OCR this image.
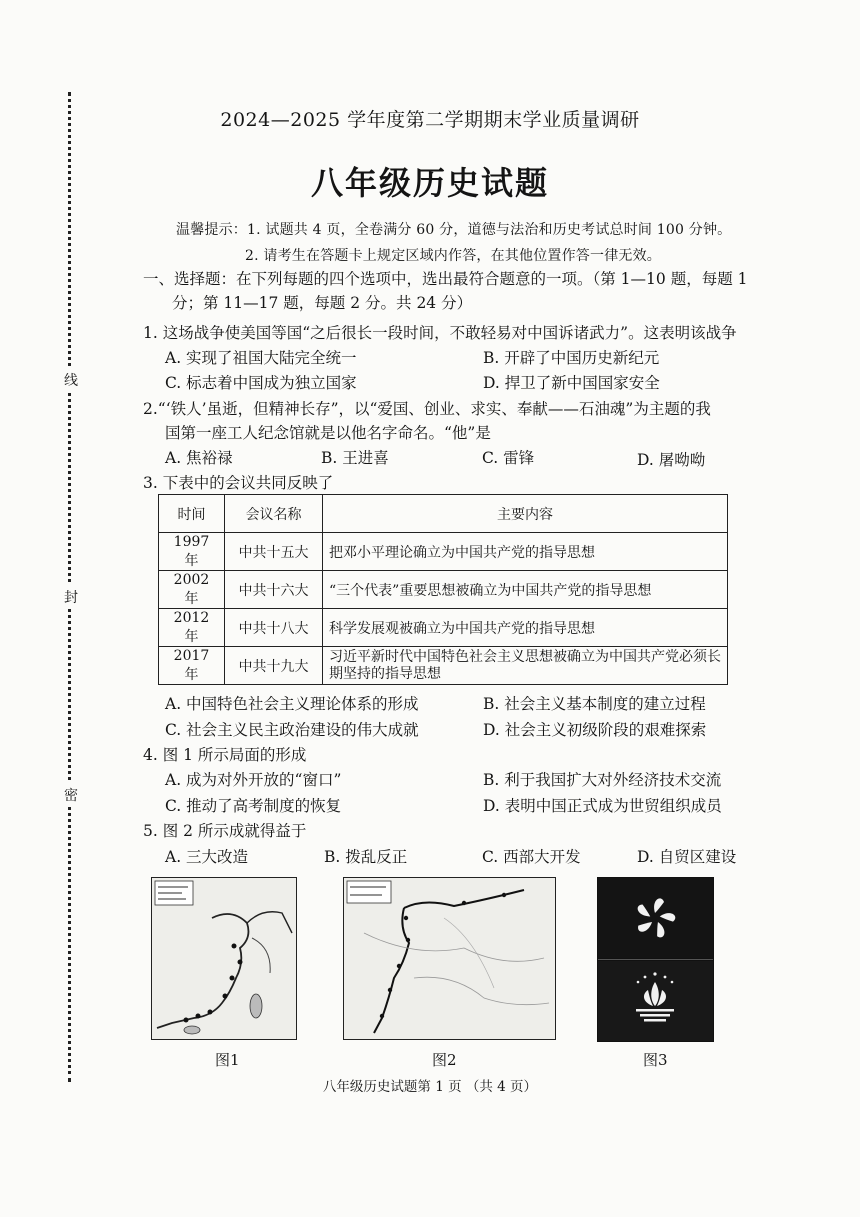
线
封
密
2024—2025 学年度第二学期期末学业质量调研
八年级历史试题
温馨提示：1. 试题共 4 页，全卷满分 60 分，道德与法治和历史考试总时间 100 分钟。
2. 请考生在答题卡上规定区域内作答，在其他位置作答一律无效。
一、选择题：在下列每题的四个选项中，选出最符合题意的一项。（第 1—10 题，每题 1
分；第 11—17 题，每题 2 分。共 24 分）
1. 这场战争使美国等国“之后很长一段时间，不敢轻易对中国诉诸武力”。这表明该战争
A. 实现了祖国大陆完全统一	B. 开辟了中国历史新纪元
C. 标志着中国成为独立国家	D. 捍卫了新中国国家安全
2.“‘铁人’虽逝，但精神长存”，以“爱国、创业、求实、奉献——石油魂”为主题的我
国第一座工人纪念馆就是以他名字命名。“他”是
A. 焦裕禄	B. 王进喜	C. 雷锋	D. 屠呦呦
3. 下表中的会议共同反映了
时间	会议名称	主要内容
1997 年	中共十五大	把邓小平理论确立为中国共产党的指导思想
2002 年	中共十六大	“三个代表”重要思想被确立为中国共产党的指导思想
2012 年	中共十八大	科学发展观被确立为中国共产党的指导思想
2017 年	中共十九大	习近平新时代中国特色社会主义思想被确立为中国共产党必须长期坚持的指导思想
A. 中国特色社会主义理论体系的形成	B. 社会主义基本制度的建立过程
C. 社会主义民主政治建设的伟大成就	D. 社会主义初级阶段的艰难探索
4. 图 1 所示局面的形成
A. 成为对外开放的“窗口”	B. 利于我国扩大对外经济技术交流
C. 推动了高考制度的恢复	D. 表明中国正式成为世贸组织成员
5. 图 2 所示成就得益于
A. 三大改造	B. 拨乱反正	C. 西部大开发	D. 自贸区建设
图1	图2	图3
八年级历史试题第 1 页 （共 4 页）
